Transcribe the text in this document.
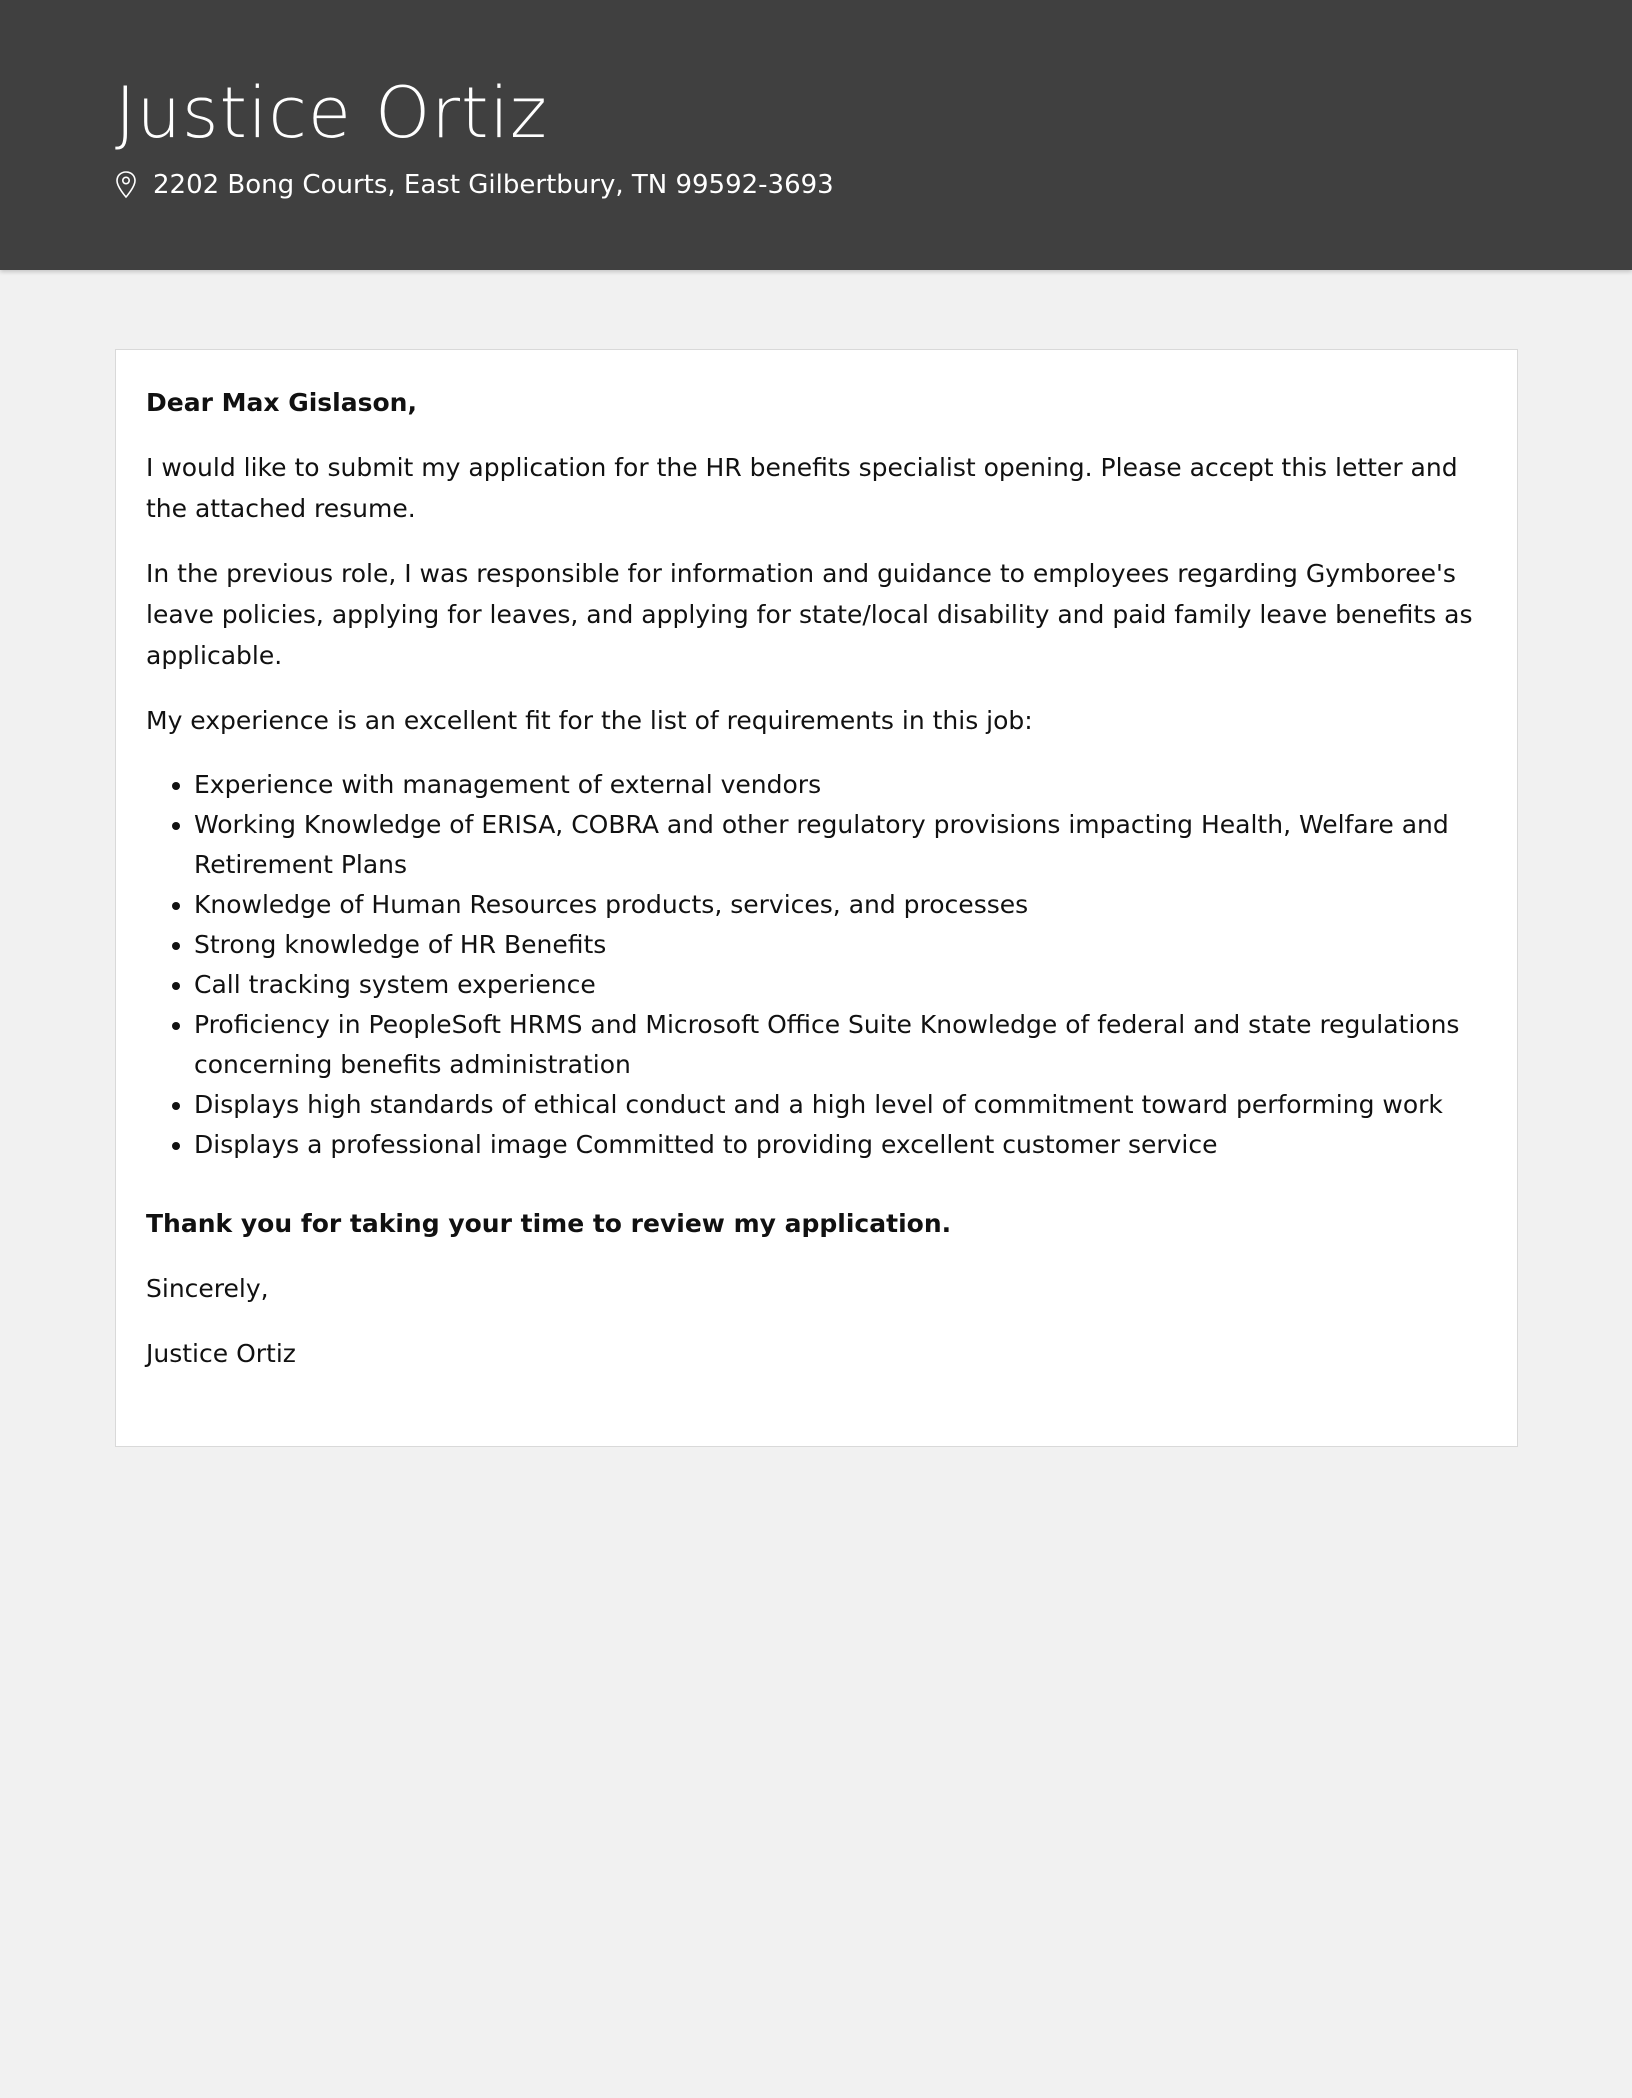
Justice Ortiz
2202 Bong Courts, East Gilbertbury, TN 99592-3693

Dear Max Gislason,

I would like to submit my application for the HR benefits specialist opening. Please accept this letter and the attached resume.

In the previous role, I was responsible for information and guidance to employees regarding Gymboree's leave policies, applying for leaves, and applying for state/local disability and paid family leave benefits as applicable.

My experience is an excellent fit for the list of requirements in this job:

• Experience with management of external vendors
• Working Knowledge of ERISA, COBRA and other regulatory provisions impacting Health, Welfare and Retirement Plans
• Knowledge of Human Resources products, services, and processes
• Strong knowledge of HR Benefits
• Call tracking system experience
• Proficiency in PeopleSoft HRMS and Microsoft Office Suite Knowledge of federal and state regulations concerning benefits administration
• Displays high standards of ethical conduct and a high level of commitment toward performing work
• Displays a professional image Committed to providing excellent customer service

Thank you for taking your time to review my application.

Sincerely,

Justice Ortiz
